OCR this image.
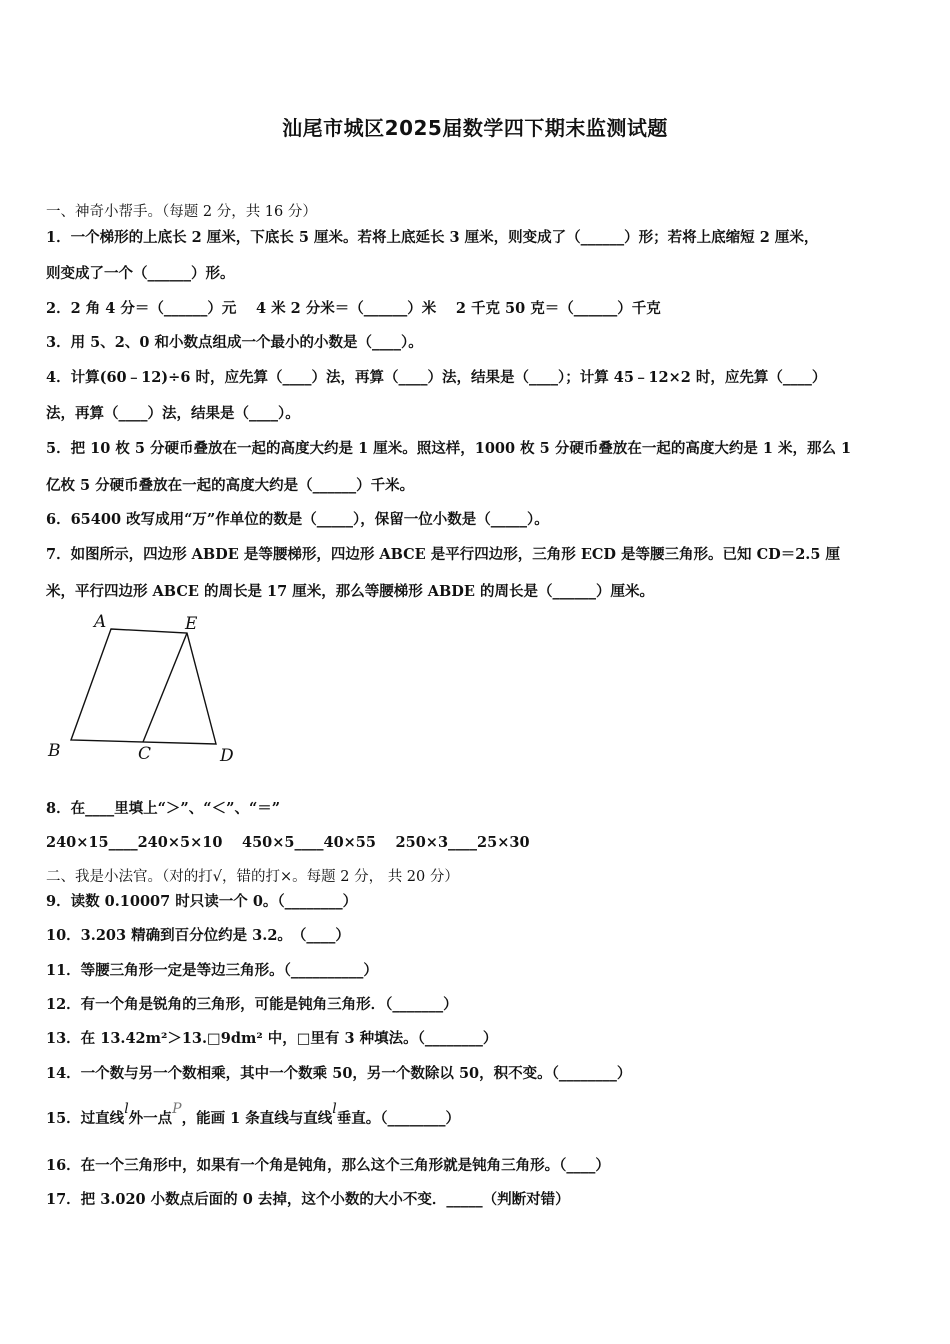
汕尾市城区2025届数学四下期末监测试题
一、神奇小帮手。（每题 2 分，共 16 分）
1．一个梯形的上底长 2 厘米，下底长 5 厘米。若将上底延长 3 厘米，则变成了（______）形；若将上底缩短 2 厘米，
则变成了一个（______）形。
2．2 角 4 分＝（______）元　 4 米 2 分米＝（______）米　 2 千克 50 克＝（______）千克
3．用 5、2、0 和小数点组成一个最小的小数是（____）。
4．计算(60﹣12)÷6 时，应先算（____）法，再算（____）法，结果是（____）；计算 45﹣12×2 时，应先算（____）
法，再算（____）法，结果是（____）。
5．把 10 枚 5 分硬币叠放在一起的高度大约是 1 厘米。照这样，1000 枚 5 分硬币叠放在一起的高度大约是 1 米，那么 1
亿枚 5 分硬币叠放在一起的高度大约是（______）千米。
6．65400 改写成用“万”作单位的数是（_____），保留一位小数是（_____）。
7．如图所示，四边形 ABDE 是等腰梯形，四边形 ABCE 是平行四边形，三角形 ECD 是等腰三角形。已知 CD＝2.5 厘
米，平行四边形 ABCE 的周长是 17 厘米，那么等腰梯形 ABDE 的周长是（______）厘米。
A	E
B	C	D
8．在____里填上“＞”、“＜”、“＝”
240×15____240×5×10　 450×5____40×55　 250×3____25×30
二、我是小法官。（对的打√，错的打×。每题 2 分， 共 20 分）
9．读数 0.10007 时只读一个 0。（________）
10．3.203 精确到百分位约是 3.2。　（____）
11．等腰三角形一定是等边三角形。（__________）
12．有一个角是锐角的三角形，可能是钝角三角形．（_______）
13．在 13.42m²＞13.□9dm² 中，□里有 3 种填法。（________）
14．一个数与另一个数相乘，其中一个数乘 50，另一个数除以 50，积不变。（________）
15．过直线l外一点P，能画 1 条直线与直线l垂直。（________）
16．在一个三角形中，如果有一个角是钝角，那么这个三角形就是钝角三角形。（____）
17．把 3.020 小数点后面的 0 去掉，这个小数的大小不变．_____（判断对错）
